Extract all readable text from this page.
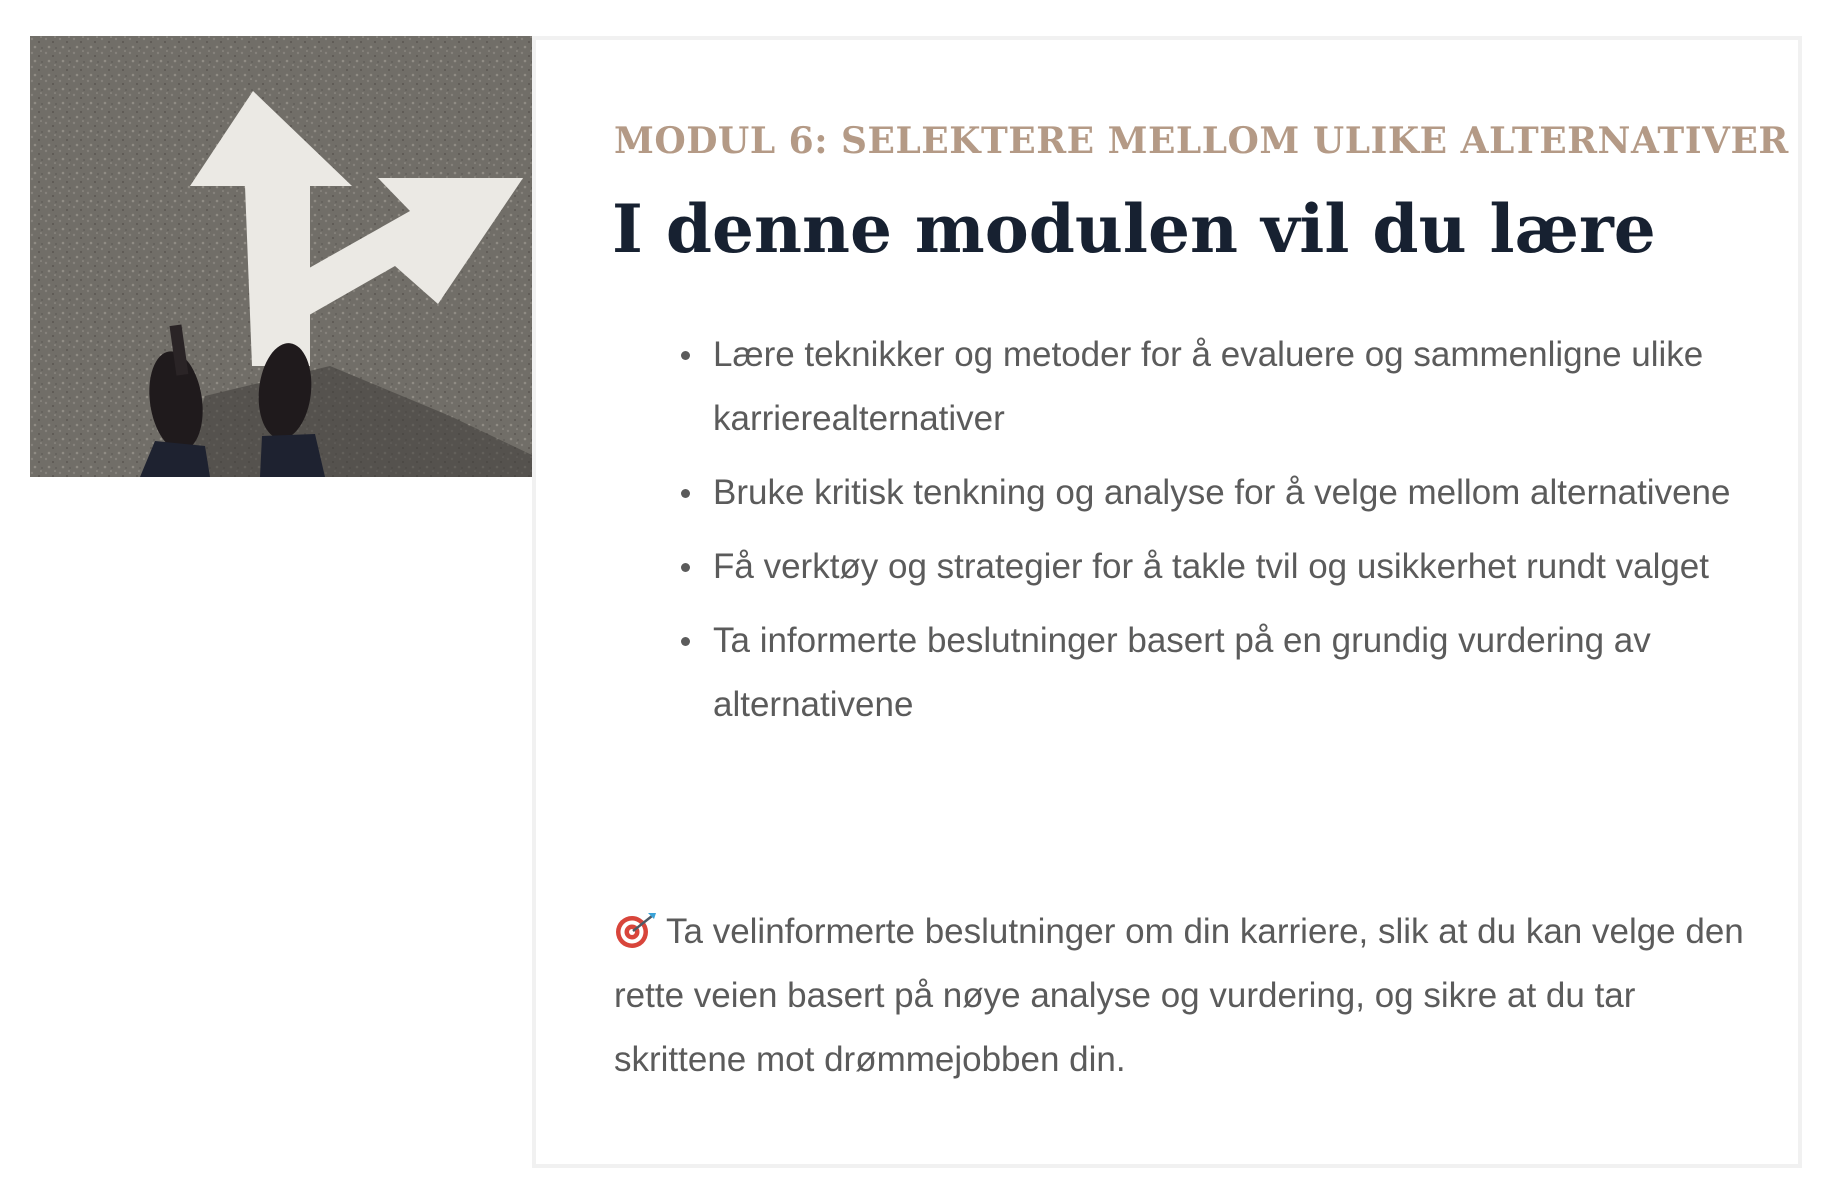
MODUL 6: SELEKTERE MELLOM ULIKE ALTERNATIVER
I denne modulen vil du lære
Lære teknikker og metoder for å evaluere og sammenligne ulike karrierealternativer
Bruke kritisk tenkning og analyse for å velge mellom alternativene
Få verktøy og strategier for å takle tvil og usikkerhet rundt valget
Ta informerte beslutninger basert på en grundig vurdering av alternativene

Ta velinformerte beslutninger om din karriere, slik at du kan velge den rette veien basert på nøye analyse og vurdering, og sikre at du tar skrittene mot drømmejobben din.
